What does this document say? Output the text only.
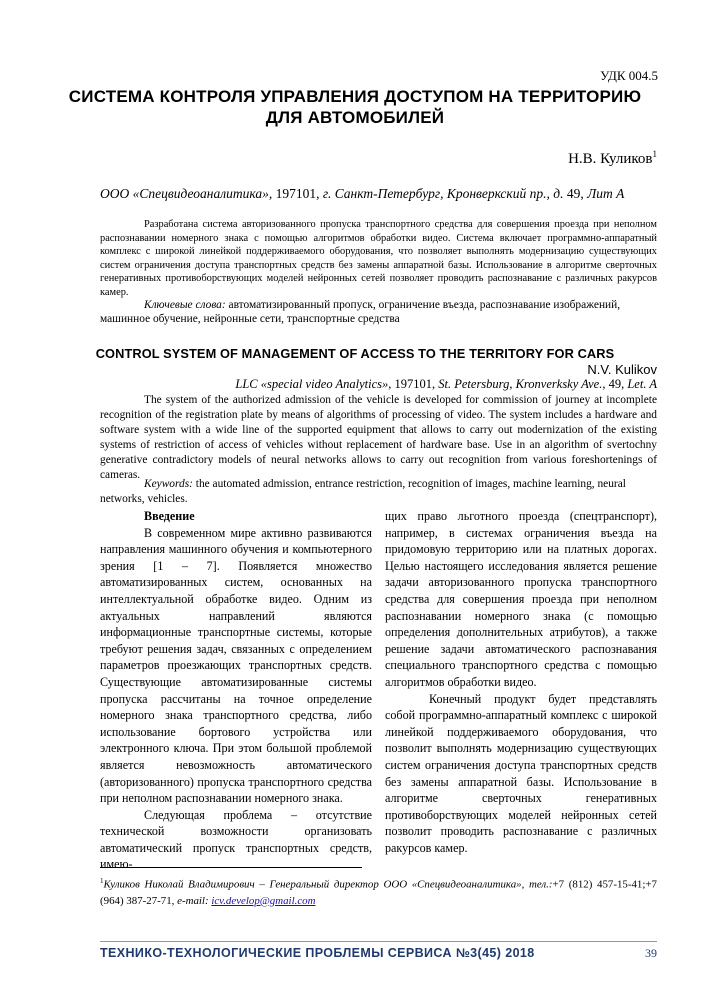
УДК 004.5
СИСТЕМА КОНТРОЛЯ УПРАВЛЕНИЯ ДОСТУПОМ НА ТЕРРИТОРИЮ
ДЛЯ АВТОМОБИЛЕЙ
Н.В. Куликов$^1$
ООО «Спецвидеоаналитика», 197101, г. Санкт-Петербург, Кронверкский пр., д. 49, Лит А

Разработана система авторизованного пропуска транспортного средства для совершения проезда при неполном распознавании номерного знака с помощью алгоритмов обработки видео. Система включает программно-аппаратный комплекс с широкой линейкой поддерживаемого оборудования, что позволяет выполнять модернизацию существующих систем ограничения доступа транспортных средств без замены аппаратной базы. Использование в алгоритме сверточных генеративных противоборствующих моделей нейронных сетей позволяет проводить распознавание с различных ракурсов камер.

Ключевые слова: автоматизированный пропуск, ограничение въезда, распознавание изображений, машинное обучение, нейронные сети, транспортные средства

CONTROL SYSTEM OF MANAGEMENT OF ACCESS TO THE TERRITORY FOR CARS
N.V. Kulikov
LLC «special video Analytics», 197101, St. Petersburg, Kronverksky Ave., 49, Let. A

The system of the authorized admission of the vehicle is developed for commission of journey at incomplete recognition of the registration plate by means of algorithms of processing of video. The system includes a hardware and software system with a wide line of the supported equipment that allows to carry out modernization of the existing systems of restriction of access of vehicles without replacement of hardware base. Use in an algorithm of svertochny generative contradictory models of neural networks allows to carry out recognition from various foreshortenings of cameras.

Keywords: the automated admission, entrance restriction, recognition of images, machine learning, neural networks, vehicles.

Введение

В современном мире активно развиваются направления машинного обучения и компьютерного зрения [1 – 7]. Появляется множество автоматизированных систем, основанных на интеллектуальной обработке видео. Одним из актуальных направлений являются информационные транспортные системы, которые требуют решения задач, связанных с определением параметров проезжающих транспортных средств. Существующие автоматизированные системы пропуска рассчитаны на точное определение номерного знака транспортного средства, либо использование бортового устройства или электронного ключа. При этом большой проблемой является невозможность автоматического (авторизованного) пропуска транспортного средства при неполном распознавании номерного знака.

Следующая проблема – отсутствие технической возможности организовать автоматический пропуск транспортных средств, имею-

щих право льготного проезда (спецтранспорт), например, в системах ограничения въезда на придомовую территорию или на платных дорогах. Целью настоящего исследования является решение задачи авторизованного пропуска транспортного средства для совершения проезда при неполном распознавании номерного знака (с помощью определения дополнительных атрибутов), а также решение задачи автоматического распознавания специального транспортного средства с помощью алгоритмов обработки видео.

Конечный продукт будет представлять собой программно-аппаратный комплекс с широкой линейкой поддерживаемого оборудования, что позволит выполнять модернизацию существующих систем ограничения доступа транспортных средств без замены аппаратной базы. Использование в алгоритме сверточных генеративных противоборствующих моделей нейронных сетей позволит проводить распознавание с различных ракурсов камер.

$^1$Куликов Николай Владимирович – Генеральный директор ООО «Спецвидеоаналитика», тел.:+7 (812) 457-15-41;+7 (964) 387-27-71, e-mail: icv.develop@gmail.com

ТЕХНИКО-ТЕХНОЛОГИЧЕСКИЕ ПРОБЛЕМЫ СЕРВИСА №3(45) 2018	39
